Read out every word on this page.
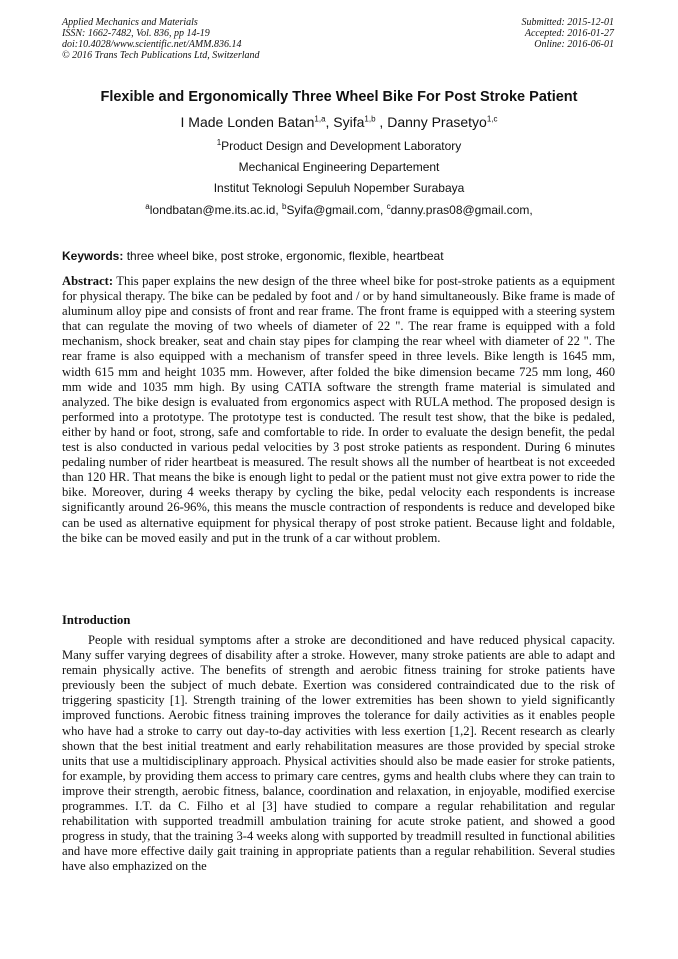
Applied Mechanics and Materials
ISSN: 1662-7482, Vol. 836, pp 14-19
doi:10.4028/www.scientific.net/AMM.836.14
© 2016 Trans Tech Publications Ltd, Switzerland
Submitted: 2015-12-01
Accepted: 2016-01-27
Online: 2016-06-01
Flexible and Ergonomically Three Wheel Bike For Post Stroke Patient
I Made Londen Batan$^{1,a}$, Syifa$^{1,b}$ , Danny Prasetyo$^{1,c}$
$^1$Product Design and Development Laboratory
Mechanical Engineering Departement
Institut Teknologi Sepuluh Nopember Surabaya
$^a$londbatan@me.its.ac.id, $^b$Syifa@gmail.com, $^c$danny.pras08@gmail.com,
Keywords: three wheel bike, post stroke, ergonomic, flexible, heartbeat

Abstract: This paper explains the new design of the three wheel bike for post-stroke patients as a equipment for physical therapy. The bike can be pedaled by foot and / or by hand simultaneously. Bike frame is made of aluminum alloy pipe and consists of front and rear frame. The front frame is equipped with a steering system that can regulate the moving of two wheels of diameter of 22 ". The rear frame is equipped with a fold mechanism, shock breaker, seat and chain stay pipes for clamping the rear wheel with diameter of 22 ". The rear frame is also equipped with a mechanism of transfer speed in three levels. Bike length is 1645 mm, width 615 mm and height 1035 mm. However, after folded the bike dimension became 725 mm long, 460 mm wide and 1035 mm high. By using CATIA software the strength frame material is simulated and analyzed. The bike design is evaluated from ergonomics aspect with RULA method. The proposed design is performed into a prototype. The prototype test is conducted. The result test show, that the bike is pedaled, either by hand or foot, strong, safe and comfortable to ride. In order to evaluate the design benefit, the pedal test is also conducted in various pedal velocities by 3 post stroke patients as respondent. During 6 minutes pedaling number of rider heartbeat is measured. The result shows all the number of heartbeat is not exceeded than 120 HR. That means the bike is enough light to pedal or the patient must not give extra power to ride the bike. Moreover, during 4 weeks therapy by cycling the bike, pedal velocity each respondents is increase significantly around 26-96%, this means the muscle contraction of respondents is reduce and developed bike can be used as alternative equipment for physical therapy of post stroke patient. Because light and foldable, the bike can be moved easily and put in the trunk of a car without problem.

Introduction

People with residual symptoms after a stroke are deconditioned and have reduced physical capacity. Many suffer varying degrees of disability after a stroke. However, many stroke patients are able to adapt and remain physically active. The benefits of strength and aerobic fitness training for stroke patients have previously been the subject of much debate. Exertion was considered contraindicated due to the risk of triggering spasticity [1]. Strength training of the lower extremities has been shown to yield significantly improved functions. Aerobic fitness training improves the tolerance for daily activities as it enables people who have had a stroke to carry out day-to-day activities with less exertion [1,2]. Recent research as clearly shown that the best initial treatment and early rehabilitation measures are those provided by special stroke units that use a multidisciplinary approach. Physical activities should also be made easier for stroke patients, for example, by providing them access to primary care centres, gyms and health clubs where they can train to improve their strength, aerobic fitness, balance, coordination and relaxation, in enjoyable, modified exercise programmes. I.T. da C. Filho et al [3] have studied to compare a regular rehabilitation and regular rehabilitation with supported treadmill ambulation training for acute stroke patient, and showed a good progress in study, that the training 3-4 weeks along with supported by treadmill resulted in functional abilities and have more effective daily gait training in appropriate patients than a regular rehabilition. Several studies have also emphazized on the
